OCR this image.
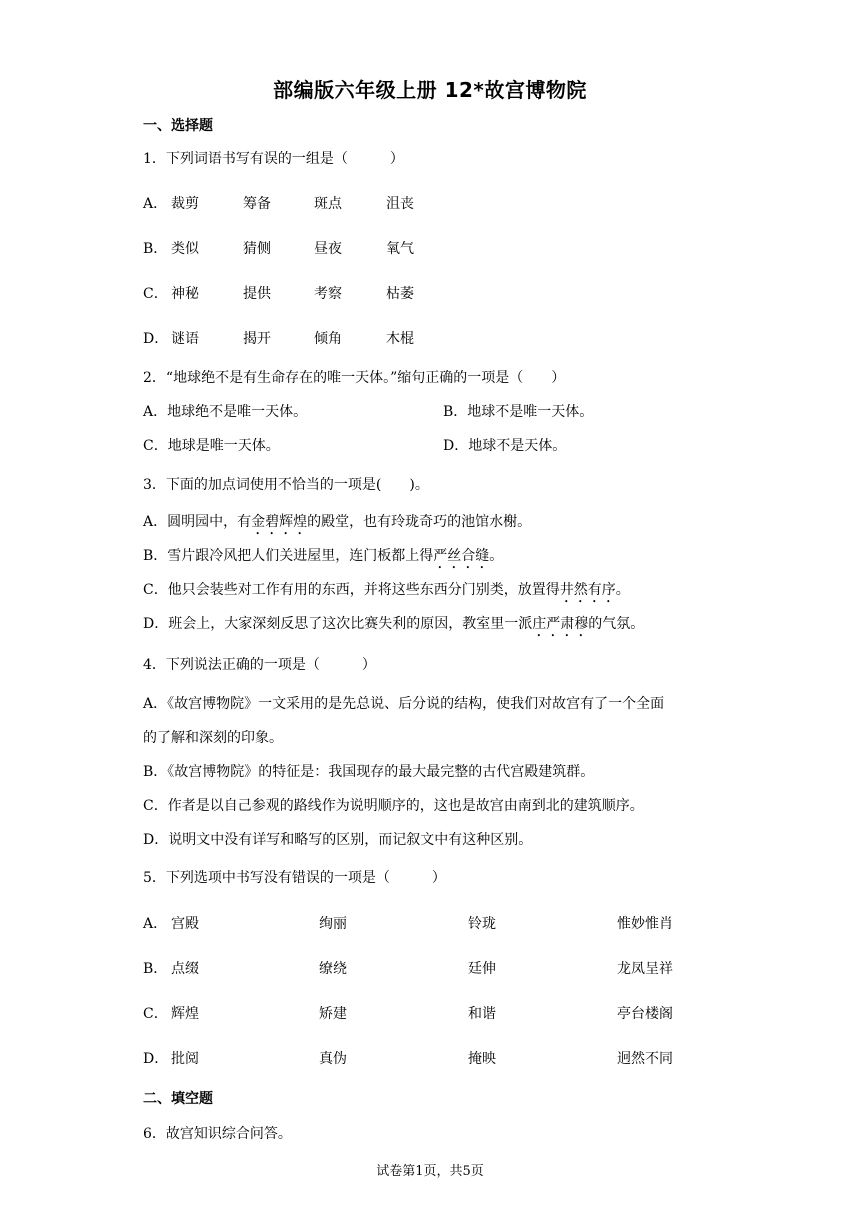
部编版六年级上册 12*故宫博物院
一、选择题
1．下列词语书写有误的一组是（　　　）
A． 裁剪	筹备	斑点	沮丧
B． 类似	猜侧	昼夜	氧气
C． 神秘	提供	考察	枯萎
D． 谜语	揭开	倾角	木棍
2．“地球绝不是有生命存在的唯一天体。”缩句正确的一项是（　　）
A．地球绝不是唯一天体。	B．地球不是唯一天体。
C．地球是唯一天体。	D．地球不是天体。
3．下面的加点词使用不恰当的一项是(　　)。
A．圆明园中，有金碧辉煌的殿堂，也有玲珑奇巧的池馆水榭。
B．雪片跟冷风把人们关进屋里，连门板都上得严丝合缝。
C．他只会装些对工作有用的东西，并将这些东西分门别类，放置得井然有序。
D．班会上，大家深刻反思了这次比赛失利的原因，教室里一派庄严肃穆的气氛。
4．下列说法正确的一项是（　　　）
A．《故宫博物院》一文采用的是先总说、后分说的结构，使我们对故宫有了一个全面
的了解和深刻的印象。
B．《故宫博物院》的特征是：我国现存的最大最完整的古代宫殿建筑群。
C．作者是以自己参观的路线作为说明顺序的，这也是故宫由南到北的建筑顺序。
D．说明文中没有详写和略写的区别，而记叙文中有这种区别。
5．下列选项中书写没有错误的一项是（　　　）
A． 宫殿	绚丽	铃珑	惟妙惟肖
B． 点缀	缭绕	廷伸	龙凤呈祥
C． 辉煌	矫建	和谐	亭台楼阁
D． 批阅	真伪	掩映	迥然不同
二、填空题
6．故宫知识综合问答。
试卷第1页，共5页
